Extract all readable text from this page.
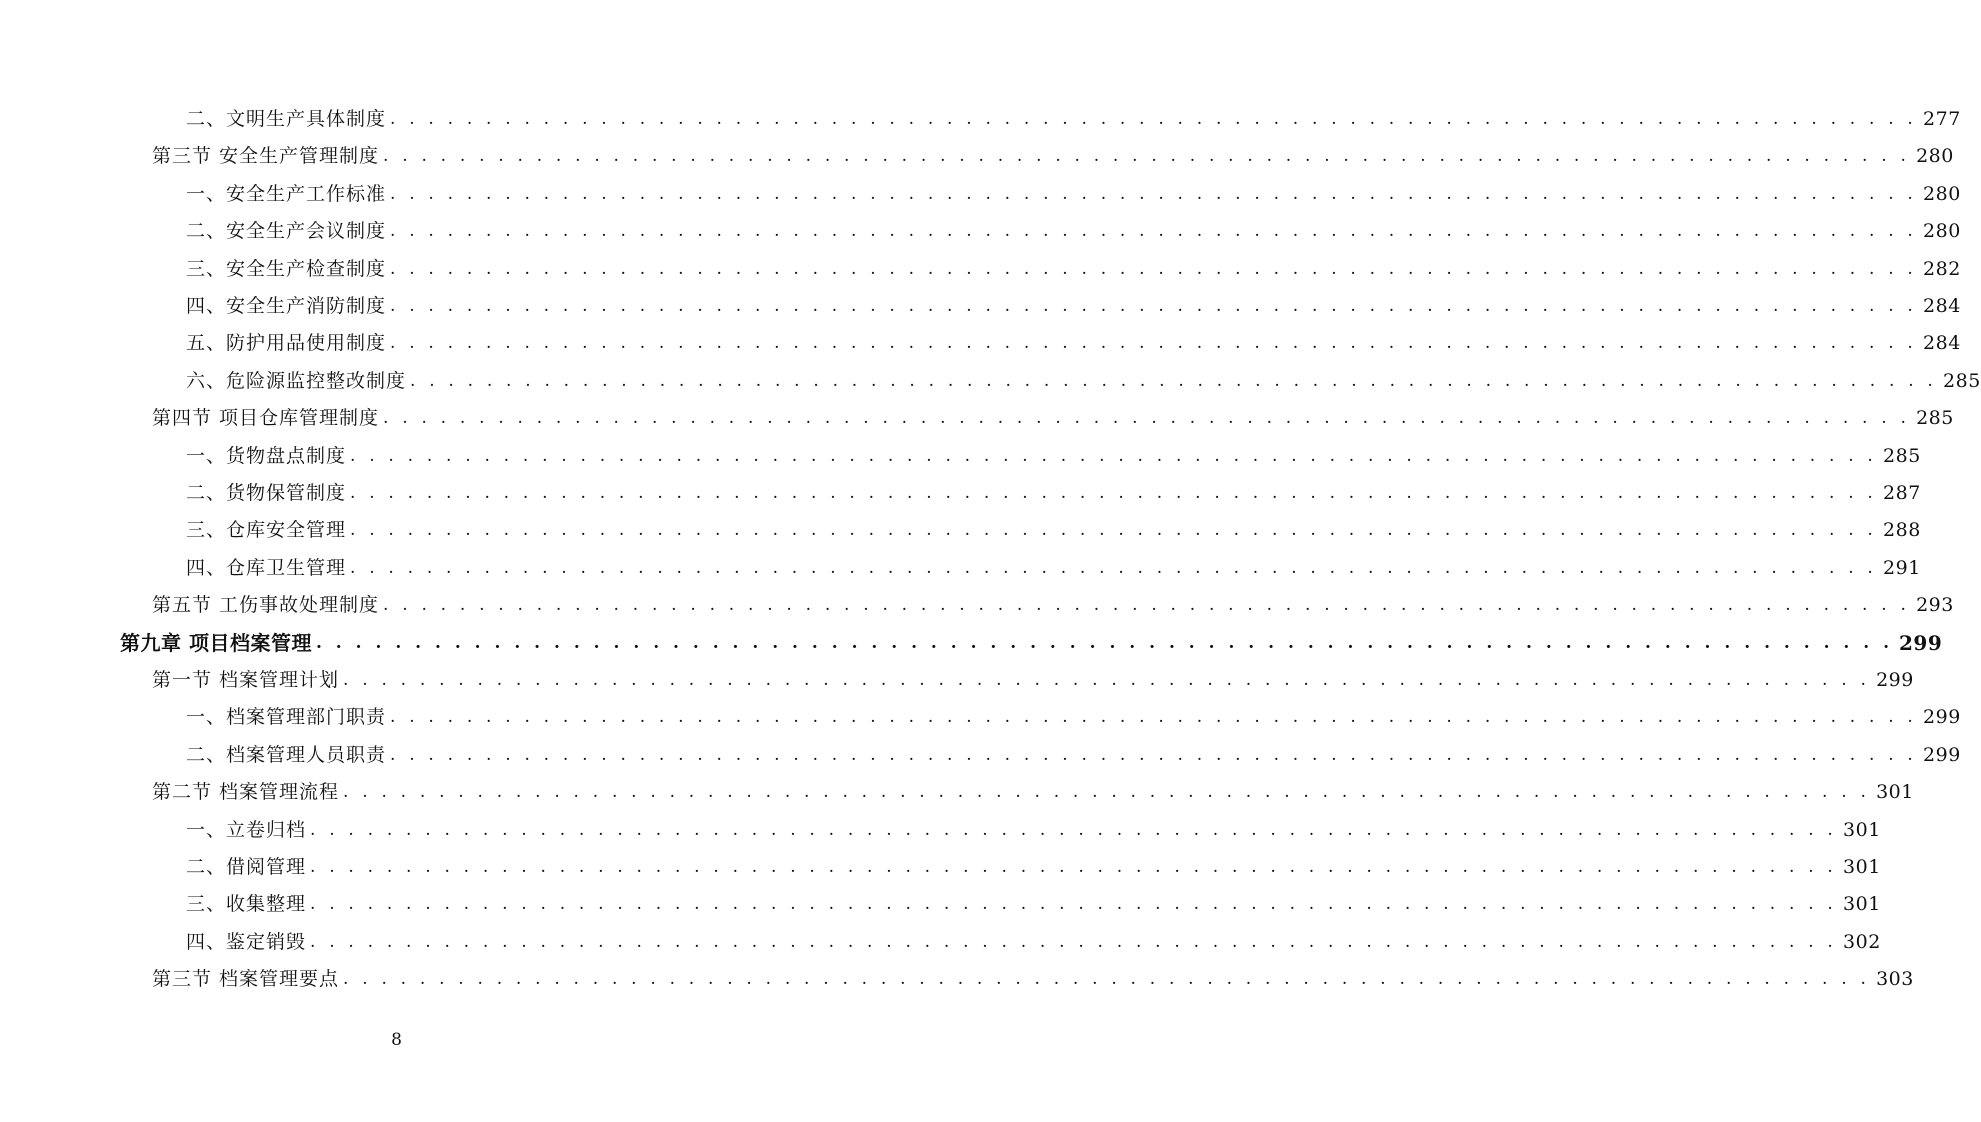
二、文明生产具体制度 . . . . . . . . . . . . . . . . . . . . . . . . . . . . . . . . . . . . . . . . . . . . . . . . . . . . . . . . . . . . . . . . . . . . . . . . . . . . . . . . 277
第三节 安全生产管理制度 . . . . . . . . . . . . . . . . . . . . . . . . . . . . . . . . . . . . . . . . . . . . . . . . . . . . . . . . . . . . . . . . . . . . . . . . . . . . . . . . 280
一、安全生产工作标准 . . . . . . . . . . . . . . . . . . . . . . . . . . . . . . . . . . . . . . . . . . . . . . . . . . . . . . . . . . . . . . . . . . . . . . . . . . . . . . . . 280
二、安全生产会议制度 . . . . . . . . . . . . . . . . . . . . . . . . . . . . . . . . . . . . . . . . . . . . . . . . . . . . . . . . . . . . . . . . . . . . . . . . . . . . . . . . 280
三、安全生产检查制度 . . . . . . . . . . . . . . . . . . . . . . . . . . . . . . . . . . . . . . . . . . . . . . . . . . . . . . . . . . . . . . . . . . . . . . . . . . . . . . . . 282
四、安全生产消防制度 . . . . . . . . . . . . . . . . . . . . . . . . . . . . . . . . . . . . . . . . . . . . . . . . . . . . . . . . . . . . . . . . . . . . . . . . . . . . . . . . 284
五、防护用品使用制度 . . . . . . . . . . . . . . . . . . . . . . . . . . . . . . . . . . . . . . . . . . . . . . . . . . . . . . . . . . . . . . . . . . . . . . . . . . . . . . . . 284
六、危险源监控整改制度 . . . . . . . . . . . . . . . . . . . . . . . . . . . . . . . . . . . . . . . . . . . . . . . . . . . . . . . . . . . . . . . . . . . . . . . . . . . . . . . . 285
第四节 项目仓库管理制度 . . . . . . . . . . . . . . . . . . . . . . . . . . . . . . . . . . . . . . . . . . . . . . . . . . . . . . . . . . . . . . . . . . . . . . . . . . . . . . . . 285
一、货物盘点制度 . . . . . . . . . . . . . . . . . . . . . . . . . . . . . . . . . . . . . . . . . . . . . . . . . . . . . . . . . . . . . . . . . . . . . . . . . . . . . . . . 285
二、货物保管制度 . . . . . . . . . . . . . . . . . . . . . . . . . . . . . . . . . . . . . . . . . . . . . . . . . . . . . . . . . . . . . . . . . . . . . . . . . . . . . . . . 287
三、仓库安全管理 . . . . . . . . . . . . . . . . . . . . . . . . . . . . . . . . . . . . . . . . . . . . . . . . . . . . . . . . . . . . . . . . . . . . . . . . . . . . . . . . 288
四、仓库卫生管理 . . . . . . . . . . . . . . . . . . . . . . . . . . . . . . . . . . . . . . . . . . . . . . . . . . . . . . . . . . . . . . . . . . . . . . . . . . . . . . . . 291
第五节 工伤事故处理制度 . . . . . . . . . . . . . . . . . . . . . . . . . . . . . . . . . . . . . . . . . . . . . . . . . . . . . . . . . . . . . . . . . . . . . . . . . . . . . . . . 293
第九章 项目档案管理 . . . . . . . . . . . . . . . . . . . . . . . . . . . . . . . . . . . . . . . . . . . . . . . . . . . . . . . . . . . . . . . . . . . . . . . . . . . . . . . . 299
第一节 档案管理计划 . . . . . . . . . . . . . . . . . . . . . . . . . . . . . . . . . . . . . . . . . . . . . . . . . . . . . . . . . . . . . . . . . . . . . . . . . . . . . . . . 299
一、档案管理部门职责 . . . . . . . . . . . . . . . . . . . . . . . . . . . . . . . . . . . . . . . . . . . . . . . . . . . . . . . . . . . . . . . . . . . . . . . . . . . . . . . . 299
二、档案管理人员职责 . . . . . . . . . . . . . . . . . . . . . . . . . . . . . . . . . . . . . . . . . . . . . . . . . . . . . . . . . . . . . . . . . . . . . . . . . . . . . . . . 299
第二节 档案管理流程 . . . . . . . . . . . . . . . . . . . . . . . . . . . . . . . . . . . . . . . . . . . . . . . . . . . . . . . . . . . . . . . . . . . . . . . . . . . . . . . . 301
一、立卷归档 . . . . . . . . . . . . . . . . . . . . . . . . . . . . . . . . . . . . . . . . . . . . . . . . . . . . . . . . . . . . . . . . . . . . . . . . . . . . . . . . 301
二、借阅管理 . . . . . . . . . . . . . . . . . . . . . . . . . . . . . . . . . . . . . . . . . . . . . . . . . . . . . . . . . . . . . . . . . . . . . . . . . . . . . . . . 301
三、收集整理 . . . . . . . . . . . . . . . . . . . . . . . . . . . . . . . . . . . . . . . . . . . . . . . . . . . . . . . . . . . . . . . . . . . . . . . . . . . . . . . . 301
四、鉴定销毁 . . . . . . . . . . . . . . . . . . . . . . . . . . . . . . . . . . . . . . . . . . . . . . . . . . . . . . . . . . . . . . . . . . . . . . . . . . . . . . . . 302
第三节 档案管理要点 . . . . . . . . . . . . . . . . . . . . . . . . . . . . . . . . . . . . . . . . . . . . . . . . . . . . . . . . . . . . . . . . . . . . . . . . . . . . . . . . 303
8
